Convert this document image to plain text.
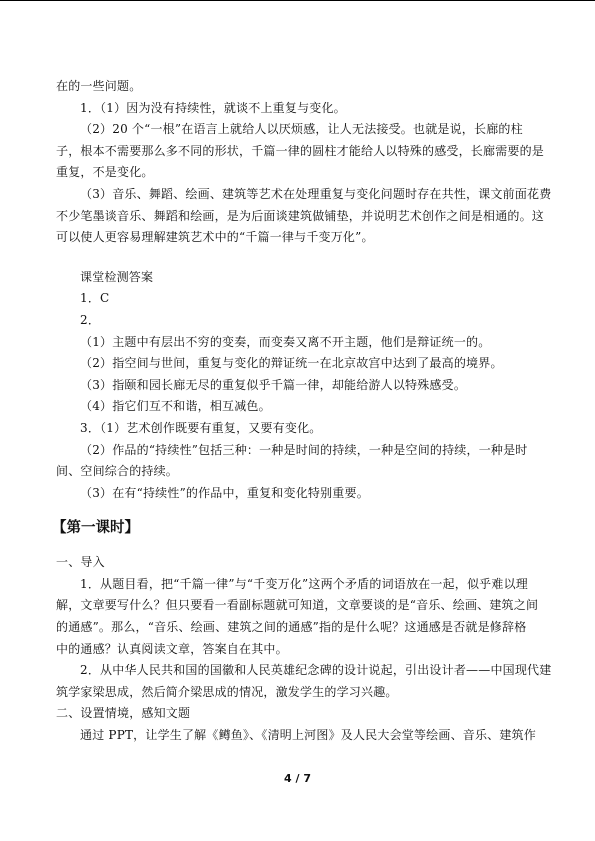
在的一些问题。
1．（1）因为没有持续性，就谈不上重复与变化。
（2）20 个“一根”在语言上就给人以厌烦感，让人无法接受。也就是说，长廊的柱
子，根本不需要那么多不同的形状，千篇一律的圆柱才能给人以特殊的感受，长廊需要的是
重复，不是变化。
（3）音乐、舞蹈、绘画、建筑等艺术在处理重复与变化问题时存在共性，课文前面花费
不少笔墨谈音乐、舞蹈和绘画，是为后面谈建筑做铺垫，并说明艺术创作之间是相通的。这
可以使人更容易理解建筑艺术中的“千篇一律与千变万化”。
课堂检测答案
1．C
2．
（1）主题中有层出不穷的变奏，而变奏又离不开主题，他们是辩证统一的。
（2）指空间与世间，重复与变化的辩证统一在北京故宫中达到了最高的境界。
（3）指颐和园长廊无尽的重复似乎千篇一律，却能给游人以特殊感受。
（4）指它们互不和谐，相互减色。
3．（1）艺术创作既要有重复，又要有变化。
（2）作品的“持续性”包括三种：一种是时间的持续，一种是空间的持续，一种是时
间、空间综合的持续。
（3）在有“持续性”的作品中，重复和变化特别重要。
【第一课时】
一、导入
1．从题目看，把“千篇一律”与“千变万化”这两个矛盾的词语放在一起，似乎难以理
解，文章要写什么？但只要看一看副标题就可知道，文章要谈的是“音乐、绘画、建筑之间
的通感”。那么，“音乐、绘画、建筑之间的通感”指的是什么呢？这通感是否就是修辞格
中的通感？认真阅读文章，答案自在其中。
2．从中华人民共和国的国徽和人民英雄纪念碑的设计说起，引出设计者——中国现代建
筑学家梁思成，然后简介梁思成的情况，激发学生的学习兴趣。
二、设置情境，感知文题
通过 PPT，让学生了解《鳟鱼》、《清明上河图》及人民大会堂等绘画、音乐、建筑作
4 / 7
